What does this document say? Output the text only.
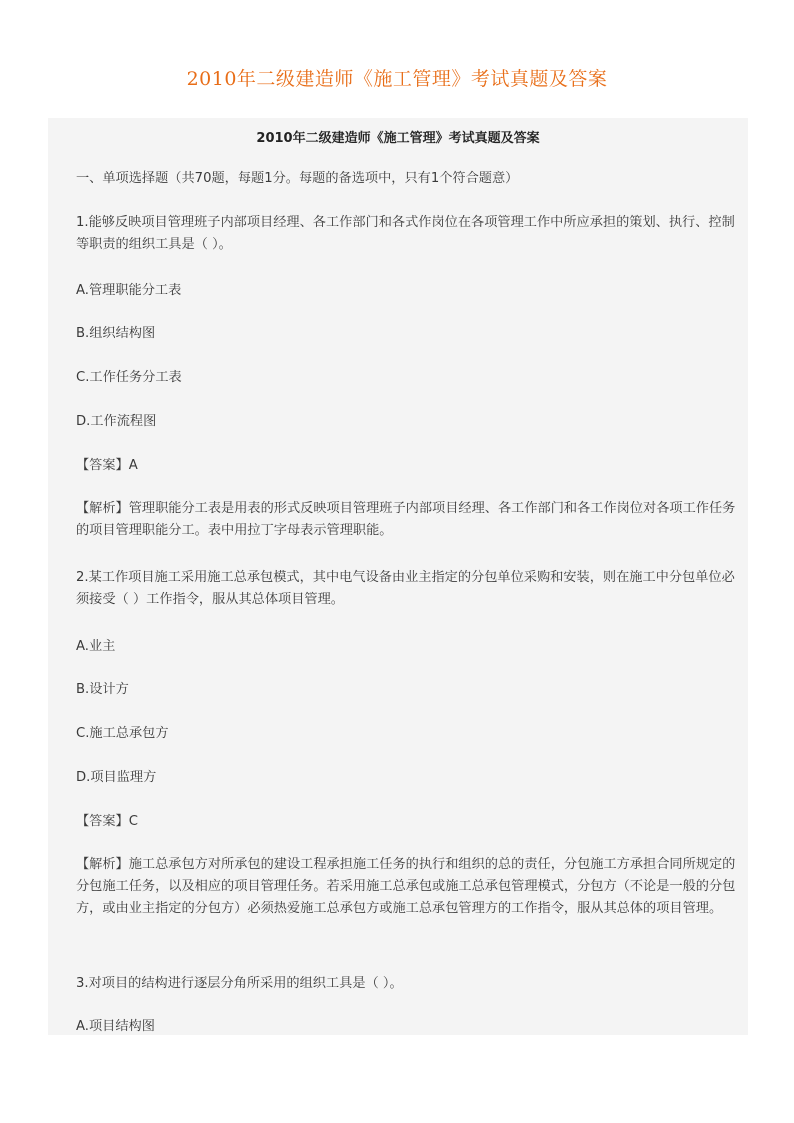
2010年二级建造师《施工管理》考试真题及答案
2010年二级建造师《施工管理》考试真题及答案

一、单项选择题（共70题，每题1分。每题的备选项中，只有1个符合题意）

1.能够反映项目管理班子内部项目经理、各工作部门和各式作岗位在各项管理工作中所应承担的策划、执行、控制等职责的组织工具是（ ）。

A.管理职能分工表

B.组织结构图

C.工作任务分工表

D.工作流程图

【答案】A

【解析】管理职能分工表是用表的形式反映项目管理班子内部项目经理、各工作部门和各工作岗位对各项工作任务的项目管理职能分工。表中用拉丁字母表示管理职能。

2.某工作项目施工采用施工总承包模式，其中电气设备由业主指定的分包单位采购和安装，则在施工中分包单位必须接受（ ）工作指令，服从其总体项目管理。

A.业主

B.设计方

C.施工总承包方

D.项目监理方

【答案】C

【解析】施工总承包方对所承包的建设工程承担施工任务的执行和组织的总的责任，分包施工方承担合同所规定的分包施工任务，以及相应的项目管理任务。若采用施工总承包或施工总承包管理模式，分包方（不论是一般的分包方，或由业主指定的分包方）必须热爱施工总承包方或施工总承包管理方的工作指令，服从其总体的项目管理。

3.对项目的结构进行逐层分角所采用的组织工具是（ ）。

A.项目结构图
